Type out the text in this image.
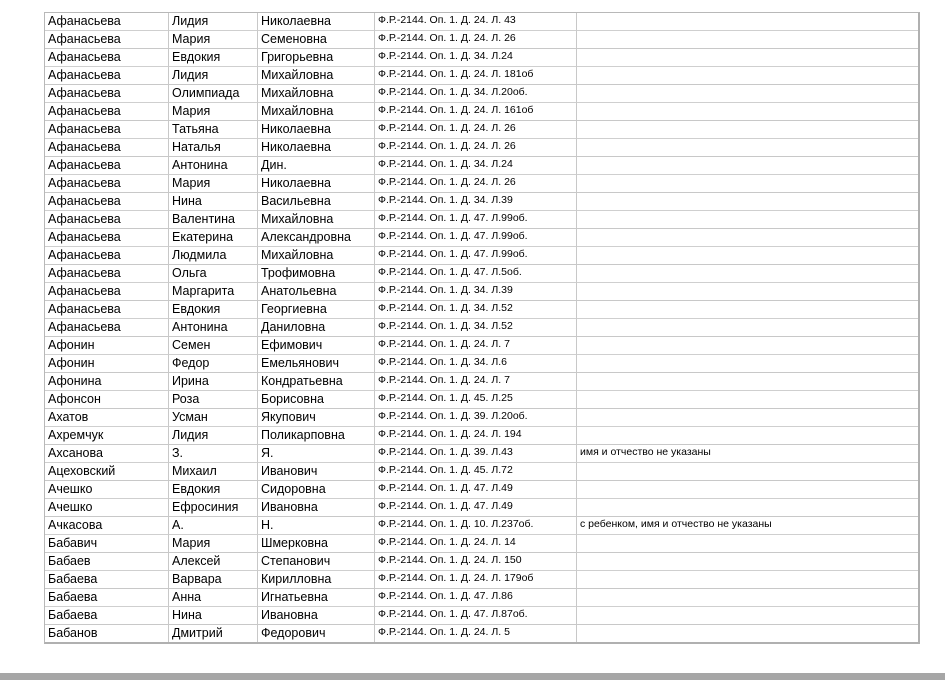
Афанасьева	Лидия	Николаевна	Ф.Р.-2144. Оп. 1. Д. 24. Л. 43	
Афанасьева	Мария	Семеновна	Ф.Р.-2144. Оп. 1. Д. 24. Л. 26	
Афанасьева	Евдокия	Григорьевна	Ф.Р.-2144. Оп. 1. Д. 34. Л.24	
Афанасьева	Лидия	Михайловна	Ф.Р.-2144. Оп. 1. Д. 24. Л. 181об	
Афанасьева	Олимпиада	Михайловна	Ф.Р.-2144. Оп. 1. Д. 34. Л.20об.	
Афанасьева	Мария	Михайловна	Ф.Р.-2144. Оп. 1. Д. 24. Л. 161об	
Афанасьева	Татьяна	Николаевна	Ф.Р.-2144. Оп. 1. Д. 24. Л. 26	
Афанасьева	Наталья	Николаевна	Ф.Р.-2144. Оп. 1. Д. 24. Л. 26	
Афанасьева	Антонина	Дин.	Ф.Р.-2144. Оп. 1. Д. 34. Л.24	
Афанасьева	Мария	Николаевна	Ф.Р.-2144. Оп. 1. Д. 24. Л. 26	
Афанасьева	Нина	Васильевна	Ф.Р.-2144. Оп. 1. Д. 34. Л.39	
Афанасьева	Валентина	Михайловна	Ф.Р.-2144. Оп. 1. Д. 47. Л.99об.	
Афанасьева	Екатерина	Александровна	Ф.Р.-2144. Оп. 1. Д. 47. Л.99об.	
Афанасьева	Людмила	Михайловна	Ф.Р.-2144. Оп. 1. Д. 47. Л.99об.	
Афанасьева	Ольга	Трофимовна	Ф.Р.-2144. Оп. 1. Д. 47. Л.5об.	
Афанасьева	Маргарита	Анатольевна	Ф.Р.-2144. Оп. 1. Д. 34. Л.39	
Афанасьева	Евдокия	Георгиевна	Ф.Р.-2144. Оп. 1. Д. 34. Л.52	
Афанасьева	Антонина	Даниловна	Ф.Р.-2144. Оп. 1. Д. 34. Л.52	
Афонин	Семен	Ефимович	Ф.Р.-2144. Оп. 1. Д. 24. Л. 7	
Афонин	Федор	Емельянович	Ф.Р.-2144. Оп. 1. Д. 34. Л.6	
Афонина	Ирина	Кондратьевна	Ф.Р.-2144. Оп. 1. Д. 24. Л. 7	
Афонсон	Роза	Борисовна	Ф.Р.-2144. Оп. 1. Д. 45. Л.25	
Ахатов	Усман	Якупович	Ф.Р.-2144. Оп. 1. Д. 39. Л.20об.	
Ахремчук	Лидия	Поликарповна	Ф.Р.-2144. Оп. 1. Д. 24. Л. 194	
Ахсанова	З.	Я.	Ф.Р.-2144. Оп. 1. Д. 39. Л.43	имя и отчество не указаны
Ацеховский	Михаил	Иванович	Ф.Р.-2144. Оп. 1. Д. 45. Л.72	
Ачешко	Евдокия	Сидоровна	Ф.Р.-2144. Оп. 1. Д. 47. Л.49	
Ачешко	Ефросиния	Ивановна	Ф.Р.-2144. Оп. 1. Д. 47. Л.49	
Ачкасова	А.	Н.	Ф.Р.-2144. Оп. 1. Д. 10. Л.237об.	с ребенком, имя и отчество не указаны
Бабавич	Мария	Шмерковна	Ф.Р.-2144. Оп. 1. Д. 24. Л. 14	
Бабаев	Алексей	Степанович	Ф.Р.-2144. Оп. 1. Д. 24. Л. 150	
Бабаева	Варвара	Кирилловна	Ф.Р.-2144. Оп. 1. Д. 24. Л. 179об	
Бабаева	Анна	Игнатьевна	Ф.Р.-2144. Оп. 1. Д. 47. Л.86	
Бабаева	Нина	Ивановна	Ф.Р.-2144. Оп. 1. Д. 47. Л.87об.	
Бабанов	Дмитрий	Федорович	Ф.Р.-2144. Оп. 1. Д. 24. Л. 5	
